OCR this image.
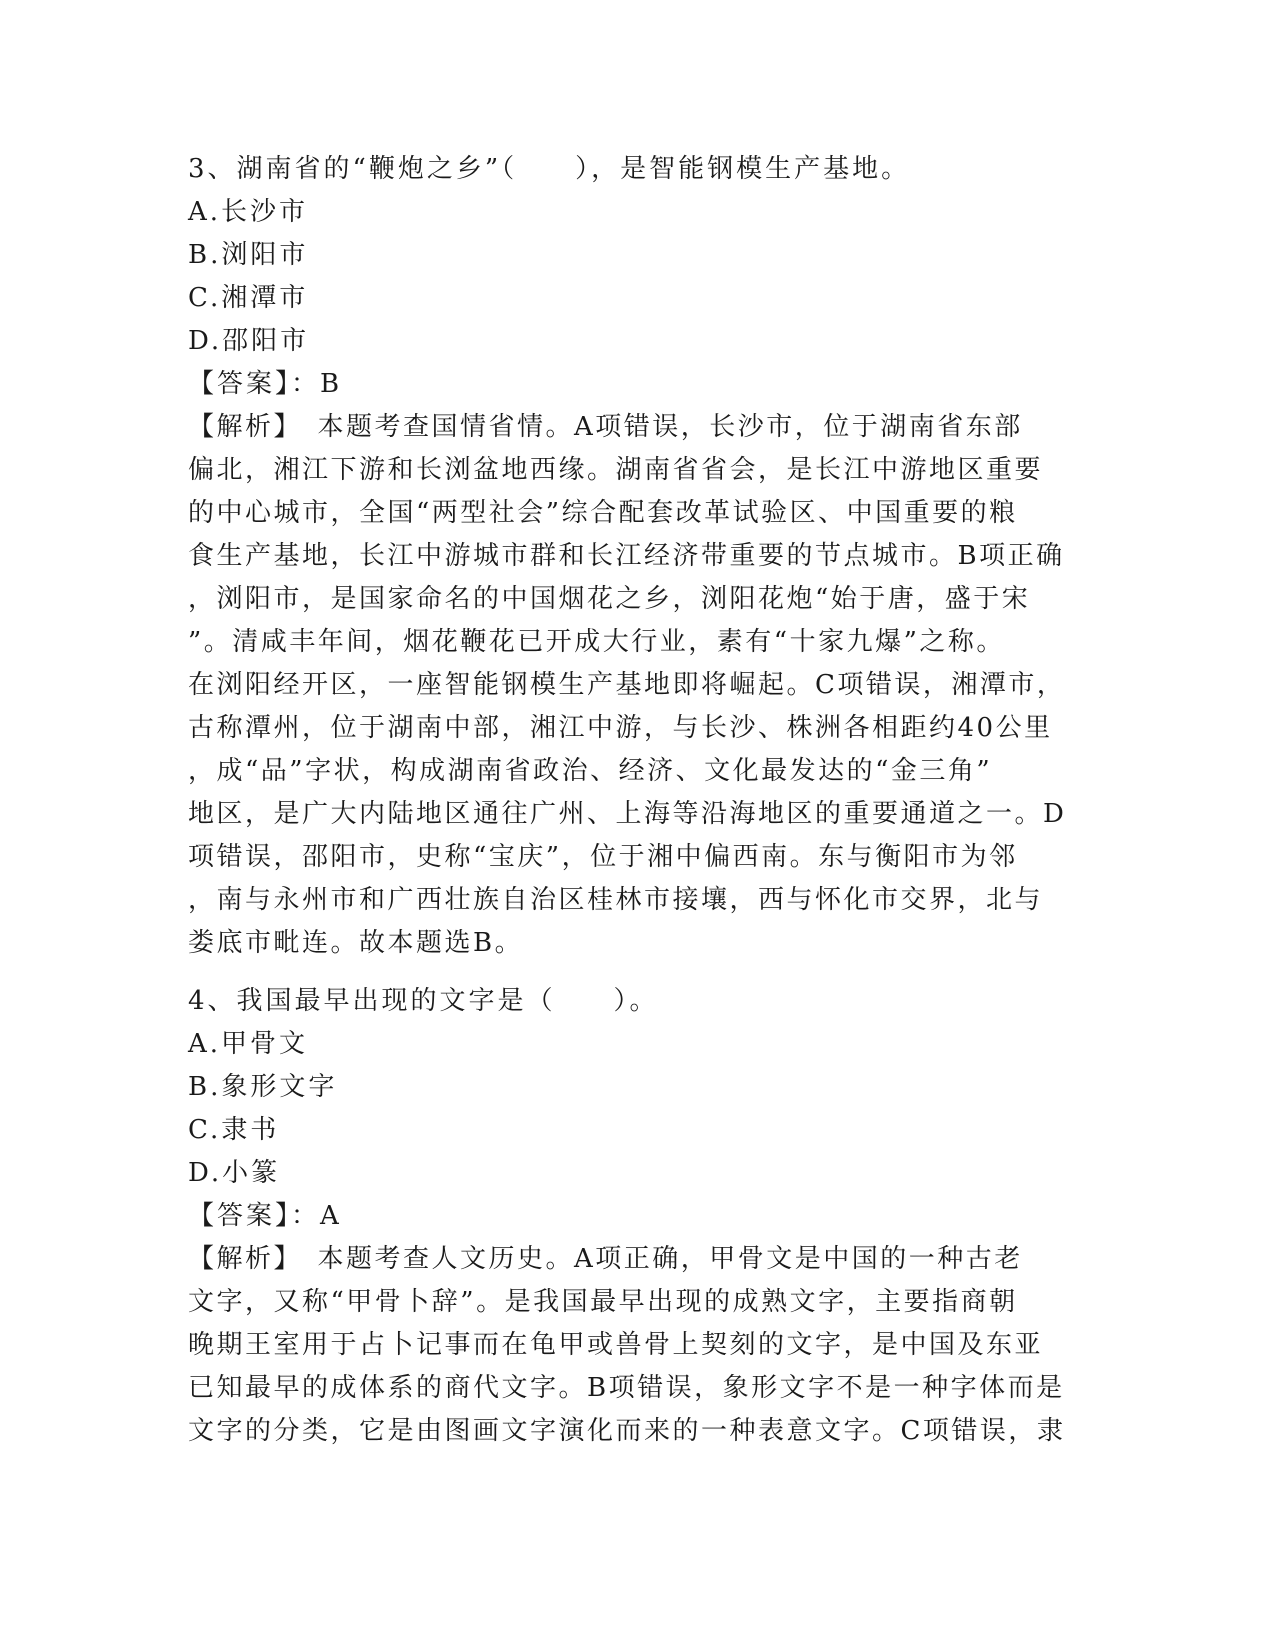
3、湖南省的“鞭炮之乡”（　　），是智能钢模生产基地。
A.长沙市
B.浏阳市
C.湘潭市
D.邵阳市
【答案】：B
【解析】　本题考查国情省情。A项错误，长沙市，位于湖南省东部
偏北，湘江下游和长浏盆地西缘。湖南省省会，是长江中游地区重要
的中心城市，全国“两型社会”综合配套改革试验区、中国重要的粮
食生产基地，长江中游城市群和长江经济带重要的节点城市。B项正确
，浏阳市，是国家命名的中国烟花之乡，浏阳花炮“始于唐，盛于宋
”。清咸丰年间，烟花鞭花已开成大行业，素有“十家九爆”之称。
在浏阳经开区，一座智能钢模生产基地即将崛起。C项错误，湘潭市，
古称潭州，位于湖南中部，湘江中游，与长沙、株洲各相距约40公里
，成“品”字状，构成湖南省政治、经济、文化最发达的“金三角”
地区，是广大内陆地区通往广州、上海等沿海地区的重要通道之一。D
项错误，邵阳市，史称“宝庆”，位于湘中偏西南。东与衡阳市为邻
，南与永州市和广西壮族自治区桂林市接壤，西与怀化市交界，北与
娄底市毗连。故本题选B。
4、我国最早出现的文字是（　　）。
A.甲骨文
B.象形文字
C.隶书
D.小篆
【答案】：A
【解析】　本题考查人文历史。A项正确，甲骨文是中国的一种古老
文字，又称“甲骨卜辞”。是我国最早出现的成熟文字，主要指商朝
晚期王室用于占卜记事而在龟甲或兽骨上契刻的文字，是中国及东亚
已知最早的成体系的商代文字。B项错误，象形文字不是一种字体而是
文字的分类，它是由图画文字演化而来的一种表意文字。C项错误，隶
